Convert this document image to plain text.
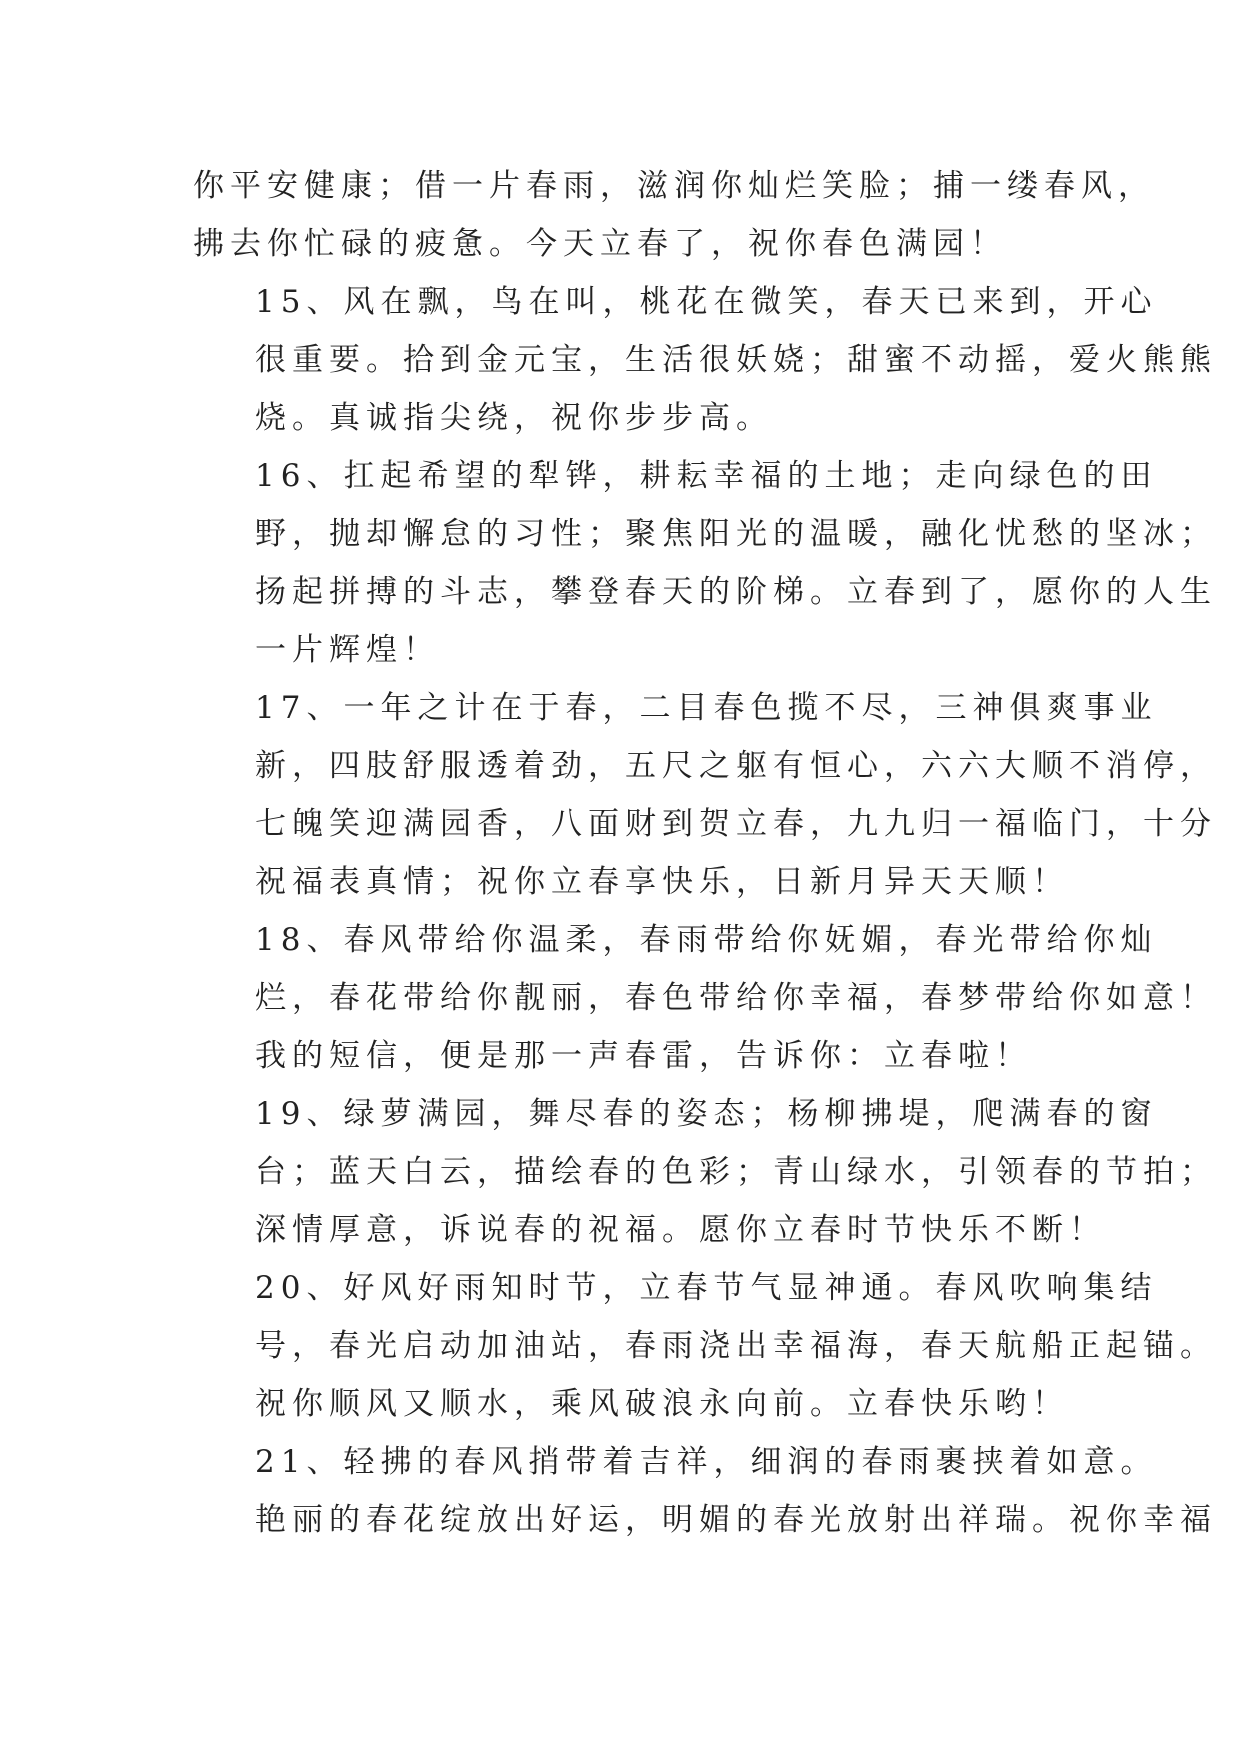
你平安健康；借一片春雨，滋润你灿烂笑脸；捕一缕春风，
拂去你忙碌的疲惫。今天立春了，祝你春色满园！

15、风在飘，鸟在叫，桃花在微笑，春天已来到，开心
很重要。拾到金元宝，生活很妖娆；甜蜜不动摇，爱火熊熊
烧。真诚指尖绕，祝你步步高。

16、扛起希望的犁铧，耕耘幸福的土地；走向绿色的田
野，抛却懈怠的习性；聚焦阳光的温暖，融化忧愁的坚冰；
扬起拼搏的斗志，攀登春天的阶梯。立春到了，愿你的人生
一片辉煌！

17、一年之计在于春，二目春色揽不尽，三神俱爽事业
新，四肢舒服透着劲，五尺之躯有恒心，六六大顺不消停，
七魄笑迎满园香，八面财到贺立春，九九归一福临门，十分
祝福表真情；祝你立春享快乐，日新月异天天顺！

18、春风带给你温柔，春雨带给你妩媚，春光带给你灿
烂，春花带给你靓丽，春色带给你幸福，春梦带给你如意！
我的短信，便是那一声春雷，告诉你：立春啦！

19、绿萝满园，舞尽春的姿态；杨柳拂堤，爬满春的窗
台；蓝天白云，描绘春的色彩；青山绿水，引领春的节拍；
深情厚意，诉说春的祝福。愿你立春时节快乐不断！

20、好风好雨知时节，立春节气显神通。春风吹响集结
号，春光启动加油站，春雨浇出幸福海，春天航船正起锚。
祝你顺风又顺水，乘风破浪永向前。立春快乐哟！

21、轻拂的春风捎带着吉祥，细润的春雨裹挟着如意。
艳丽的春花绽放出好运，明媚的春光放射出祥瑞。祝你幸福
